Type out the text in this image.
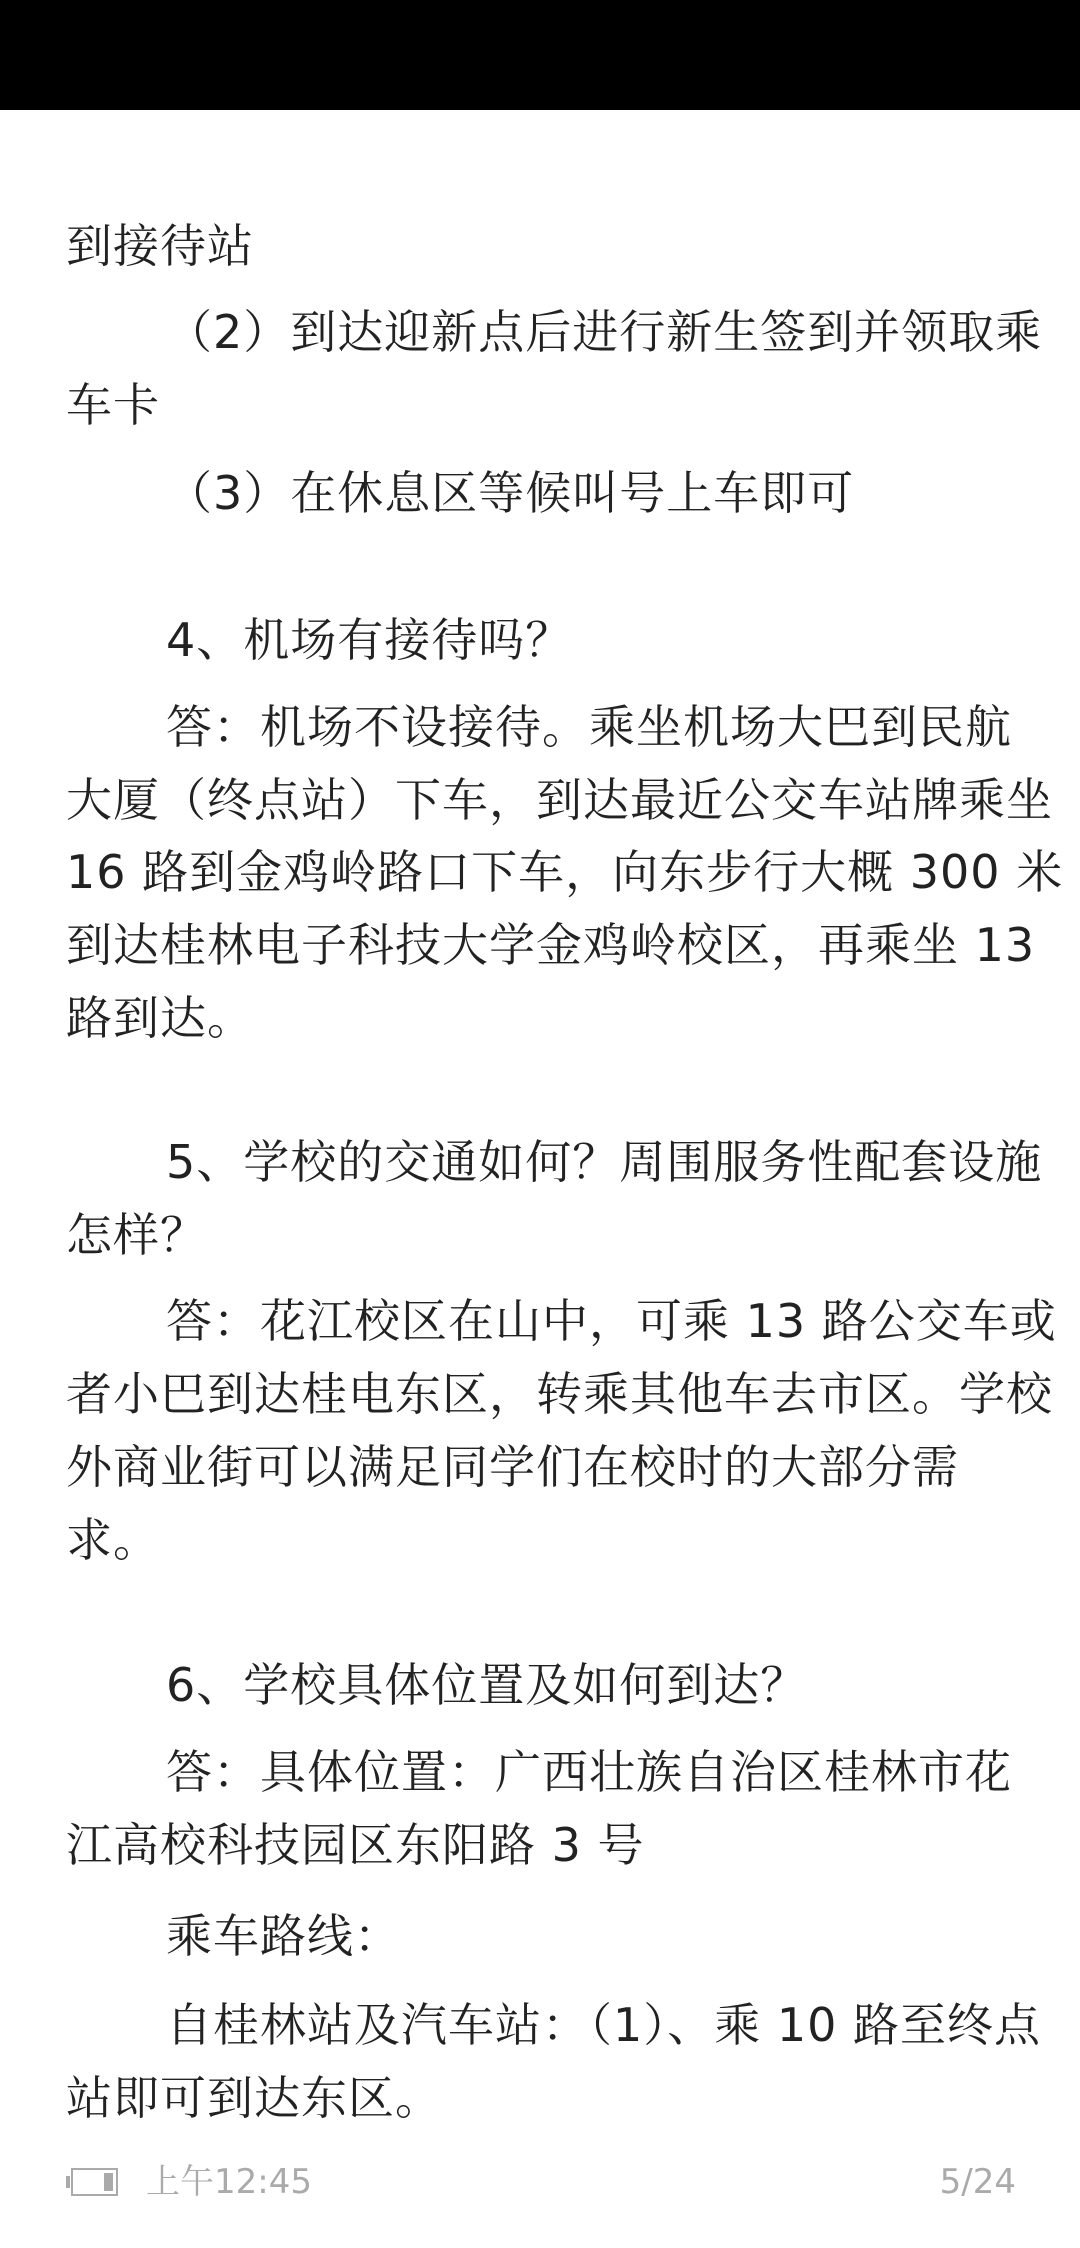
到接待站
（2）到达迎新点后进行新生签到并领取乘
车卡
（3）在休息区等候叫号上车即可
4、机场有接待吗？
答：机场不设接待。乘坐机场大巴到民航
大厦（终点站）下车，到达最近公交车站牌乘坐
16 路到金鸡岭路口下车，向东步行大概 300 米
到达桂林电子科技大学金鸡岭校区，再乘坐 13
路到达。
5、学校的交通如何？周围服务性配套设施
怎样？
答：花江校区在山中，可乘 13 路公交车或
者小巴到达桂电东区，转乘其他车去市区。学校
外商业街可以满足同学们在校时的大部分需
求。
6、学校具体位置及如何到达？
答：具体位置：广西壮族自治区桂林市花
江高校科技园区东阳路 3 号
乘车路线：
自桂林站及汽车站：（1）、乘 10 路至终点
站即可到达东区。
上午12:45	5/24
